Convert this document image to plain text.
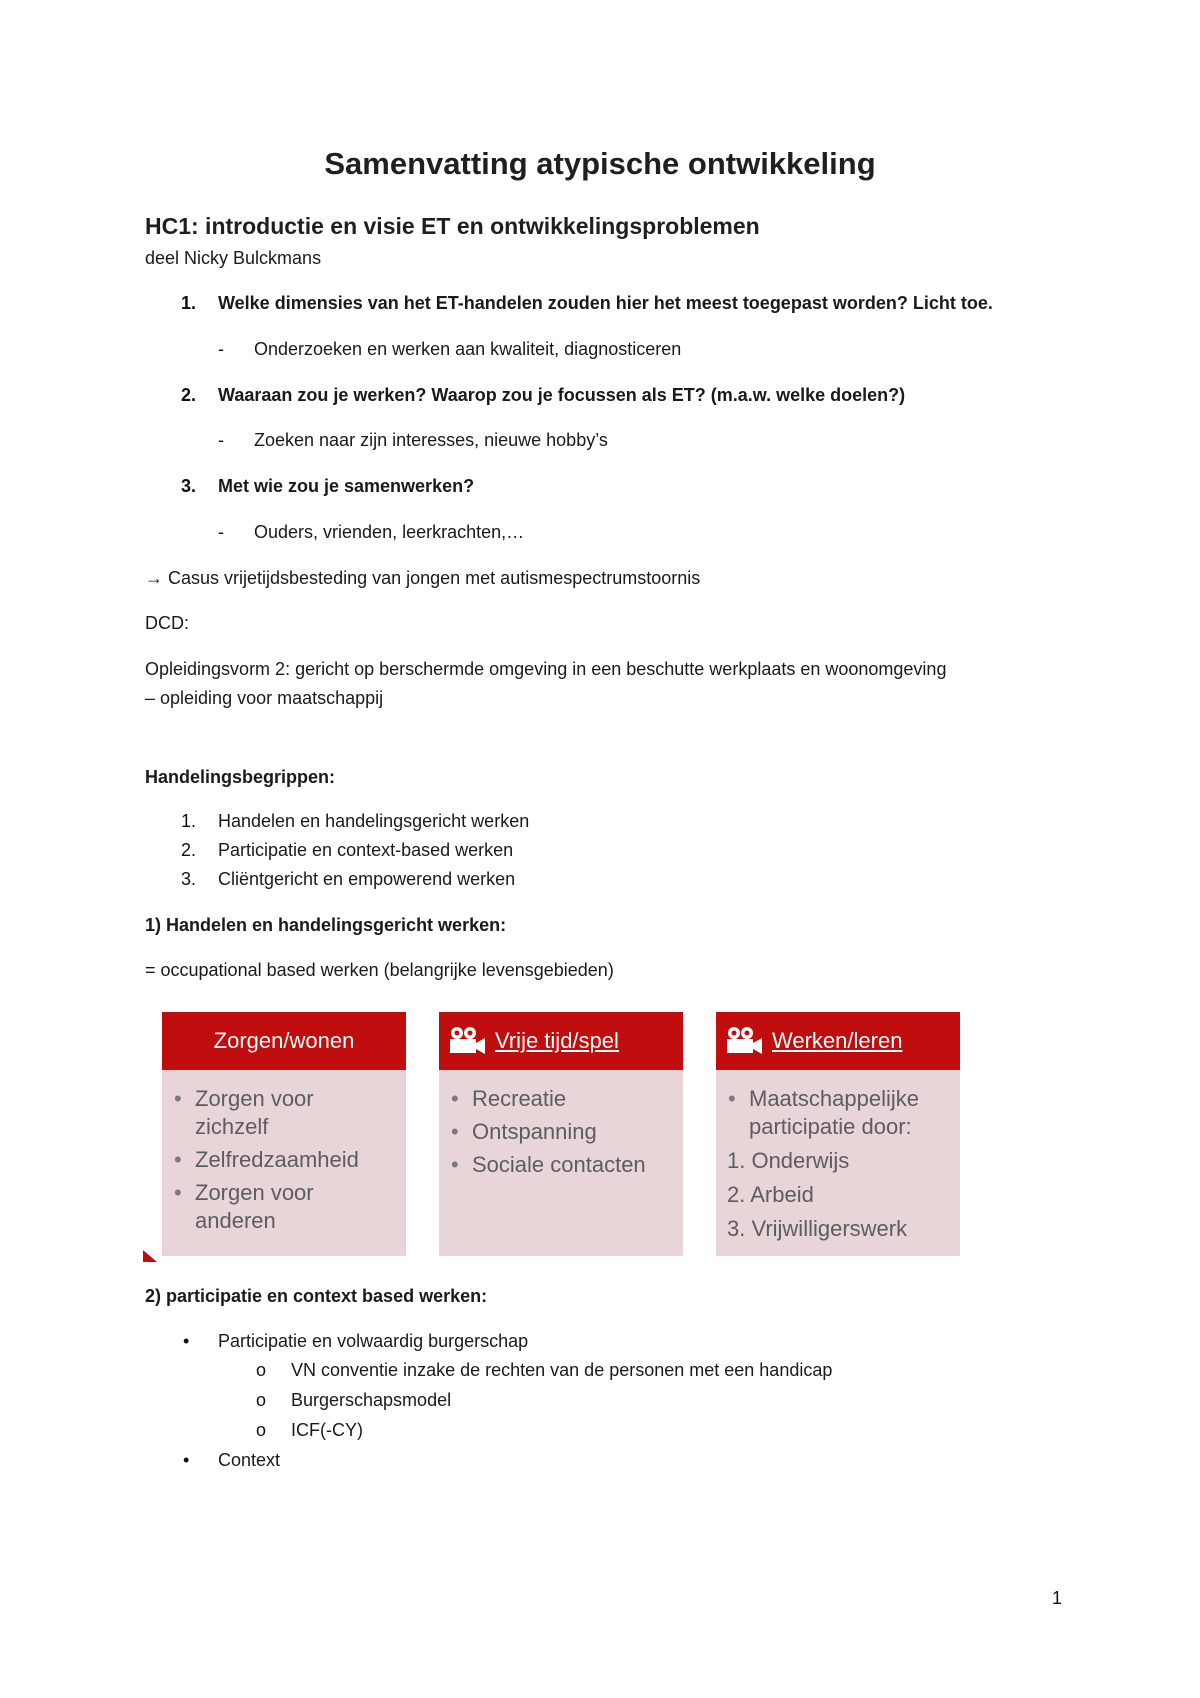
Samenvatting atypische ontwikkeling
HC1: introductie en visie ET en ontwikkelingsproblemen
deel Nicky Bulckmans
1. Welke dimensies van het ET-handelen zouden hier het meest toegepast worden? Licht toe.
- Onderzoeken en werken aan kwaliteit, diagnosticeren
2. Waaraan zou je werken? Waarop zou je focussen als ET? (m.a.w. welke doelen?)
- Zoeken naar zijn interesses, nieuwe hobby’s
3. Met wie zou je samenwerken?
- Ouders, vrienden, leerkrachten,…
→ Casus vrijetijdsbesteding van jongen met autismespectrumstoornis
DCD:
Opleidingsvorm 2: gericht op berschermde omgeving in een beschutte werkplaats en woonomgeving
– opleiding voor maatschappij
Handelingsbegrippen:
1. Handelen en handelingsgericht werken
2. Participatie en context-based werken
3. Cliëntgericht en empowerend werken
1) Handelen en handelingsgericht werken:
= occupational based werken (belangrijke levensgebieden)
Zorgen/wonen
• Zorgen voor
zichzelf
• Zelfredzaamheid
• Zorgen voor
anderen
Vrije tijd/spel
• Recreatie
• Ontspanning
• Sociale contacten
Werken/leren
• Maatschappelijke
participatie door:
1. Onderwijs
2. Arbeid
3. Vrijwilligerswerk
2) participatie en context based werken:
• Participatie en volwaardig burgerschap
o VN conventie inzake de rechten van de personen met een handicap
o Burgerschapsmodel
o ICF(-CY)
• Context
1
